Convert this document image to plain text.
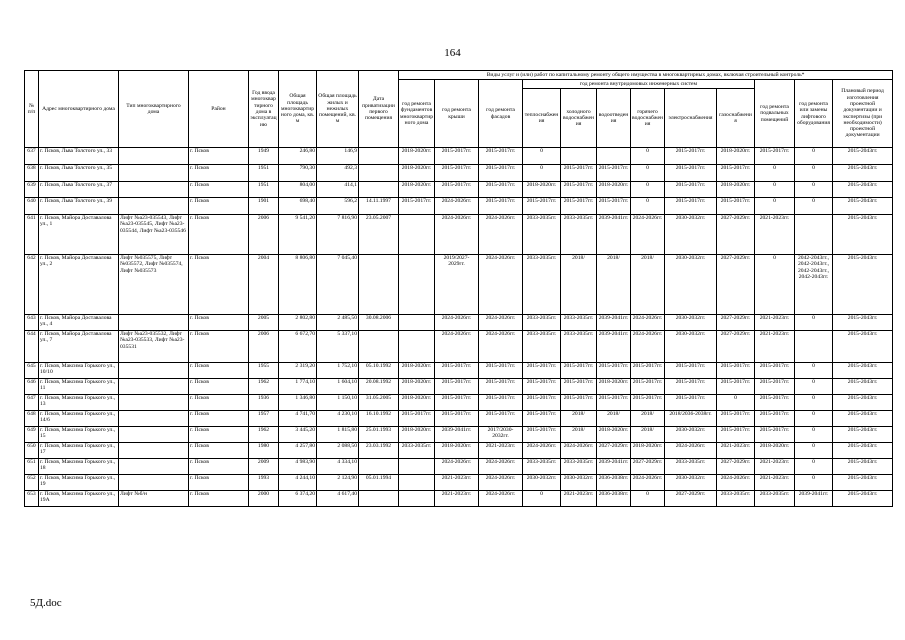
164
№ п/п	Адрес многоквартирного дома	Тип многоквартирного дома	Район	Год ввода многоквартирного дома в эксплуатацию	Общая площадь многоквартирного дома, кв. м	Общая площадь жилых и нежилых помещений, кв. м	Дата приватизации первого помещения	Виды услуг и (или) работ по капитальному ремонту общего имущества в многоквартирных домах, включая строительный контроль*											
								год ремонта фундаментов многоквартирного дома	год ремонта крыши	год ремонта фасадов	год ремонта внутридомовых инженерных систем						год ремонта подвальных помещений	год ремонта или замены лифтового оборудования	Плановый период изготовления проектной документации и экспертизы (при необходимости) проектной документации
											теплоснабжения	холодного водоснабжения	водоотведения	горячего водоснабжения	электроснабжения	газоснабжения			
637	г. Псков, Льва Толстого ул., 33		г. Псков	1949	246,80	146,9		2018-2020гг.	2015-2017гг.	2015-2017гг.	0			0	2015-2017гг.	2018-2020гг.	2015-2017гг.	0	2015-2043гг.
638	г. Псков, Льва Толстого ул., 35		г. Псков	1951	790,30	492,3		2018-2020гг.	2015-2017гг.	2015-2017гг.	0	2015-2017гг.	2015-2017гг.	0	2015-2017гг.	2015-2017гг.	0	0	2015-2043гг.
639	г. Псков, Льва Толстого ул., 37		г. Псков	1951	804,00	414,1		2018-2020гг.	2015-2017гг.	2015-2017гг.	2018-2020гг.	2015-2017гг.	2018-2020гг.	0	2015-2017гг.	2018-2020гг.	0	0	2015-2043гг.
640	г. Псков, Льва Толстого ул., 39		г. Псков	1901	698,40	596,2	14.11.1997	2015-2017гг.	2024-2026гг.	2015-2017гг.	2015-2017гг.	2015-2017гг.	2015-2017гг.	0	2015-2017гг.	2015-2017гг.	0	0	2015-2043гг.
641	г. Псков, Майора Доставалова ул., 1	Лифт №a23-035543, Лифт №a23-035545, Лифт №a23-035544, Лифт №a23-035546	г. Псков	2006	9 541,20	7 816,90	23.05.2007		2024-2026гг.	2024-2026гг.	2033-2035гг.	2033-2035гг.	2039-2041гг.	2024-2026гг.	2030-2032гг.	2027-2029гг.	2021-2023гг.		2015-2043гг.
642	г. Псков, Майора Доставалова ул., 2	Лифт №035575, Лифт №035572, Лифт №035574, Лифт №035573	г. Псков	2004	8 806,80	7 045,40			2019/2027-2029гг.	2024-2026гг.	2033-2035гг.	2018/	2018/	2018/	2030-2032гг.	2027-2029гг.	0	2042-2043гг., 2042-2043гг., 2042-2043гг., 2042-2043гг.	2015-2043гг.
643	г. Псков, Майора Доставалова ул., 4		г. Псков	2005	2 802,80	2 485,50	30.08.2006		2024-2026гг.	2024-2026гг.	2033-2035гг.	2033-2035гг.	2039-2041гг.	2024-2026гг.	2030-2032гг.	2027-2029гг.	2021-2023гг.	0	2015-2043гг.
644	г. Псков, Майора Доставалова ул., 7	Лифт №a23-035532, Лифт №a23-035533, Лифт №a23-035531	г. Псков	2006	6 672,70	5 337,10			2024-2026гг.	2024-2026гг.	2033-2035гг.	2033-2035гг.	2039-2041гг.	2024-2026гг.	2030-2032гг.	2027-2029гг.	2021-2023гг.		2015-2043гг.
645	г. Псков, Максима Горького ул., 10/10		г. Псков	1955	2 319,20	1 752,10	05.10.1992	2018-2020гг.	2015-2017гг.	2015-2017гг.	2015-2017гг.	2015-2017гг.	2015-2017гг.	2015-2017гг.	2015-2017гг.	2015-2017гг.	2015-2017гг.	0	2015-2043гг.
646	г. Псков, Максима Горького ул., 11		г. Псков	1962	1 774,10	1 604,10	20.08.1992	2018-2020гг.	2015-2017гг.	2015-2017гг.	2015-2017гг.	2015-2017гг.	2018-2020гг.	2015-2017гг.	2015-2017гг.	2015-2017гг.	2015-2017гг.	0	2015-2043гг.
647	г. Псков, Максима Горького ул., 13		г. Псков	1936	1 346,80	1 150,10	31.05.2005	2018-2020гг.	2015-2017гг.	2015-2017гг.	2015-2017гг.	2015-2017гг.	2015-2017гг.	2015-2017гг.	2015-2017гг.	0	2015-2017гг.	0	2015-2043гг.
648	г. Псков, Максима Горького ул., 14/6		г. Псков	1957	4 741,70	4 230,10	16.10.1992	2015-2017гг.	2015-2017гг.	2015-2017гг.	2015-2017гг.	2018/	2018/	2018/	2018/2036-2038гг.	2015-2017гг.	2015-2017гг.	0	2015-2043гг.
649	г. Псков, Максима Горького ул., 15		г. Псков	1962	3 445,20	1 815,80	25.01.1993	2018-2020гг.	2039-2041гг.	2017/2030-2032гг.	2015-2017гг.	2018/	2018-2020гг.	2018/	2030-2032гг.	2015-2017гг.	2015-2017гг.	0	2015-2043гг.
650	г. Псков, Максима Горького ул., 17		г. Псков	1980	4 257,80	2 088,50	23.03.1992	2033-2035гг.	2018-2020гг.	2021-2023гг.	2024-2026гг.	2024-2026гг.	2027-2029гг.	2018-2020гг.	2024-2026гг.	2021-2023гг.	2018-2020гг.	0	2015-2043гг.
651	г. Псков, Максима Горького ул., 18		г. Псков	2009	4 983,90	4 334,10			2024-2026гг.	2024-2026гг.	2033-2035гг.	2033-2035гг.	2039-2041гг.	2027-2029гг.	2033-2035гг.	2027-2029гг.	2021-2023гг.	0	2015-2043гг.
652	г. Псков, Максима Горького ул., 19		г. Псков	1993	4 244,10	2 124,90	05.01.1994		2021-2023гг.	2024-2026гг.	2030-2032гг.	2030-2032гг.	2036-2038гг.	2024-2026гг.	2030-2032гг.	2024-2026гг.	2021-2023гг.	0	2015-2043гг.
653	г. Псков, Максима Горького ул., 19А	Лифт №б/н	г. Псков	2000	6 374,20	4 617,40			2021-2023гг.	2024-2026гг.	0	2021-2023гг.	2036-2038гг.	0	2027-2029гг.	2033-2035гг.	2033-2035гг.	2039-2041гг.	2015-2043гг.
5Д.doc
